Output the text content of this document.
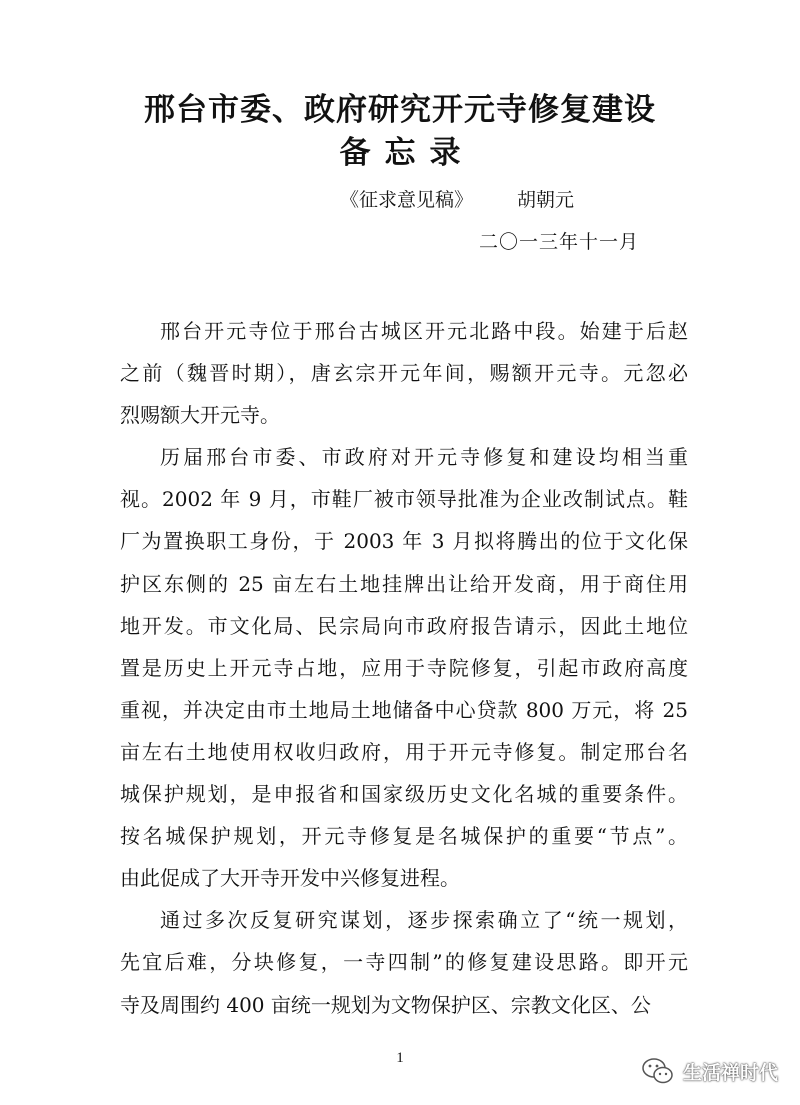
邢台市委、政府研究开元寺修复建设
备忘录
《征求意见稿》 胡朝元
二〇一三年十一月
邢台开元寺位于邢台古城区开元北路中段。始建于后赵
之前（魏晋时期），唐玄宗开元年间，赐额开元寺。元忽必
烈赐额大开元寺。
历届邢台市委、市政府对开元寺修复和建设均相当重
视。2002 年 9 月，市鞋厂被市领导批准为企业改制试点。鞋
厂为置换职工身份，于 2003 年 3 月拟将腾出的位于文化保
护区东侧的 25 亩左右土地挂牌出让给开发商，用于商住用
地开发。市文化局、民宗局向市政府报告请示，因此土地位
置是历史上开元寺占地，应用于寺院修复，引起市政府高度
重视，并决定由市土地局土地储备中心贷款 800 万元，将 25
亩左右土地使用权收归政府，用于开元寺修复。制定邢台名
城保护规划，是申报省和国家级历史文化名城的重要条件。
按名城保护规划，开元寺修复是名城保护的重要“节点”。
由此促成了大开寺开发中兴修复进程。
通过多次反复研究谋划，逐步探索确立了“统一规划，
先宜后难，分块修复，一寺四制”的修复建设思路。即开元
寺及周围约 400 亩统一规划为文物保护区、宗教文化区、公
1
生活禅时代
